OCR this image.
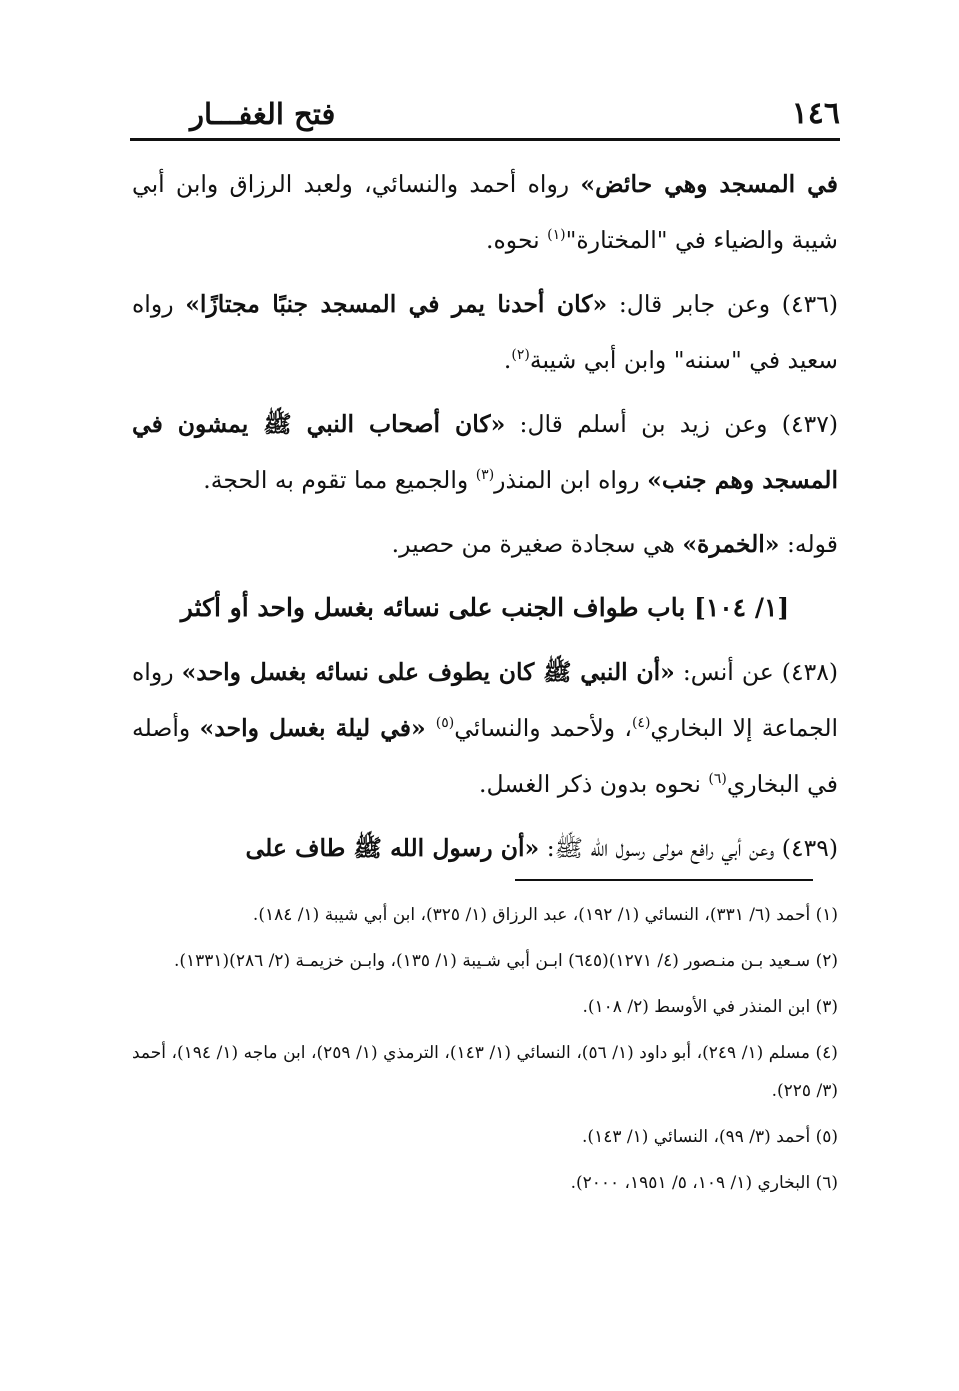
١٤٦
فتح الغفـــار

في المسجد وهي حائض» رواه أحمد والنسائي، ولعبد الرزاق وابن أبي شيبة والضياء في "المختارة"$^{(١)}$ نحوه.

(٤٣٦) وعن جابر قال: «كان أحدنا يمر في المسجد جنبًا مجتازًا» رواه سعيد في "سننه" وابن أبي شيبة$^{(٢)}$.

(٤٣٧) وعن زيد بن أسلم قال: «كان أصحاب النبي ﷺ يمشون في المسجد وهم جنب» رواه ابن المنذر$^{(٣)}$ والجميع مما تقوم به الحجة.

قوله: «الخمرة» هي سجادة صغيرة من حصير.

[١/ ١٠٤] باب طواف الجنب على نسائه بغسل واحد أو أكثر

(٤٣٨) عن أنس: «أن النبي ﷺ كان يطوف على نسائه بغسل واحد» رواه الجماعة إلا البخاري$^{(٤)}$، ولأحمد والنسائي$^{(٥)}$ «في ليلة بغسل واحد» وأصله في البخاري$^{(٦)}$ نحوه بدون ذكر الغسل.

(٤٣٩) وعن أبي رافع مولى رسول الله ﷺ: «أن رسول الله ﷺ طاف على

(١) أحمد (٦/ ٣٣١)، النسائي (١/ ١٩٢)، عبد الرزاق (١/ ٣٢٥)، ابن أبي شيبة (١/ ١٨٤).

(٢) سـعيد بـن منـصور (٤/ ١٢٧١)(٦٤٥) ابـن أبي شـيبة (١/ ١٣٥)، وابـن خزيمـة (٢/ ٢٨٦)(١٣٣١).

(٣) ابن المنذر في الأوسط (٢/ ١٠٨).

(٤) مسلم (١/ ٢٤٩)، أبو داود (١/ ٥٦)، النسائي (١/ ١٤٣)، الترمذي (١/ ٢٥٩)، ابن ماجه (١/ ١٩٤)، أحمد (٣/ ٢٢٥).

(٥) أحمد (٣/ ٩٩)، النسائي (١/ ١٤٣).

(٦) البخاري (١/ ١٠٩، ٥/ ١٩٥١، ٢٠٠٠).
